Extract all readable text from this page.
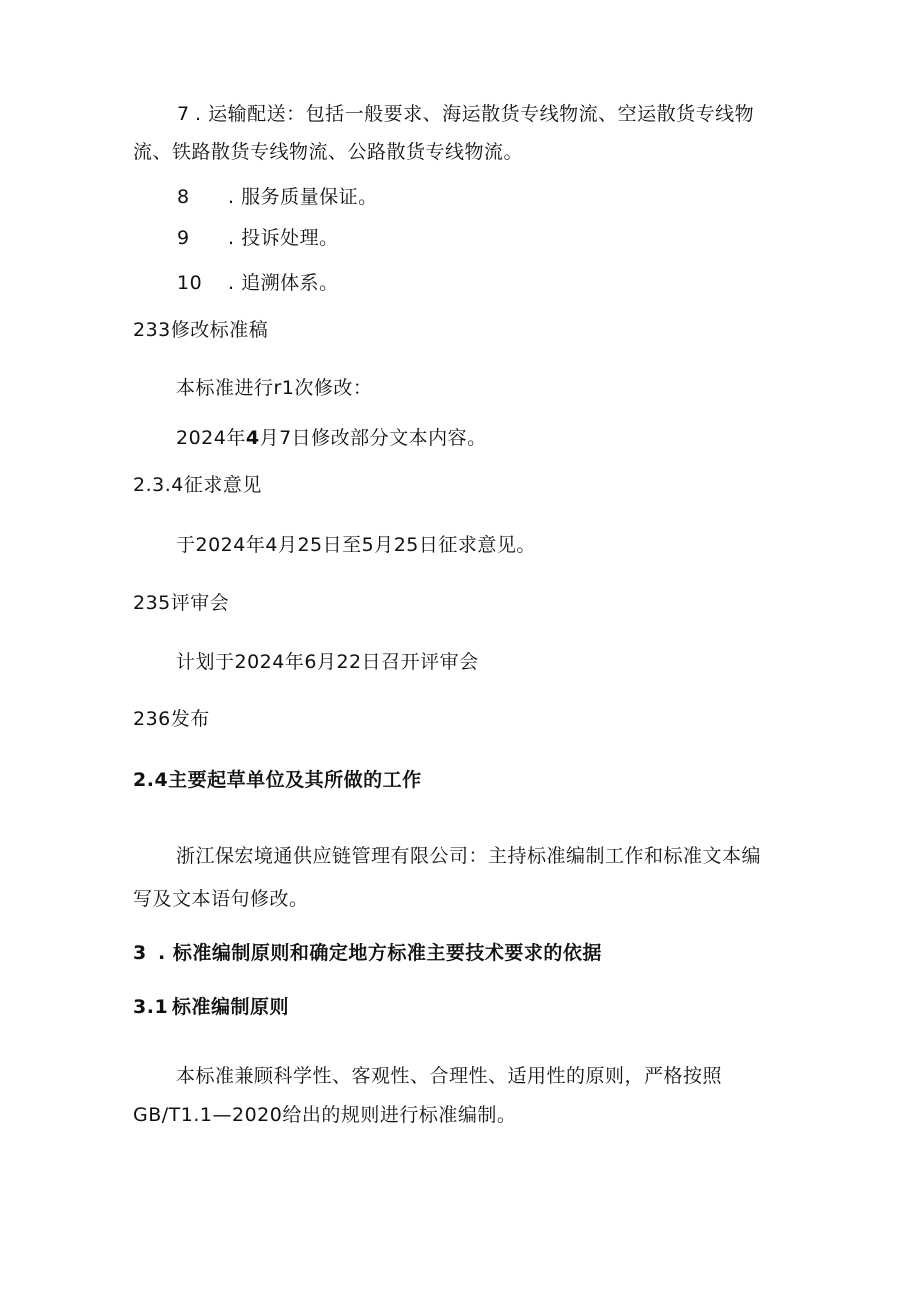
7 . 运输配送：包括一般要求、海运散货专线物流、空运散货专线物
流、铁路散货专线物流、公路散货专线物流。
8 . 服务质量保证。
9 . 投诉处理。
10 . 追溯体系。
233修改标准稿
本标准进行r1次修改：
2024年4月7日修改部分文本内容。
2.3.4征求意见
于2024年4月25日至5月25日征求意见。
235评审会
计划于2024年6月22日召开评审会
236发布
2.4主要起草单位及其所做的工作
浙江保宏境通供应链管理有限公司：主持标准编制工作和标准文本编
写及文本语句修改。
3 . 标准编制原则和确定地方标准主要技术要求的依据
3.1 标准编制原则
本标准兼顾科学性、客观性、合理性、适用性的原则，严格按照
GB/T1.1—2020给出的规则进行标准编制。
